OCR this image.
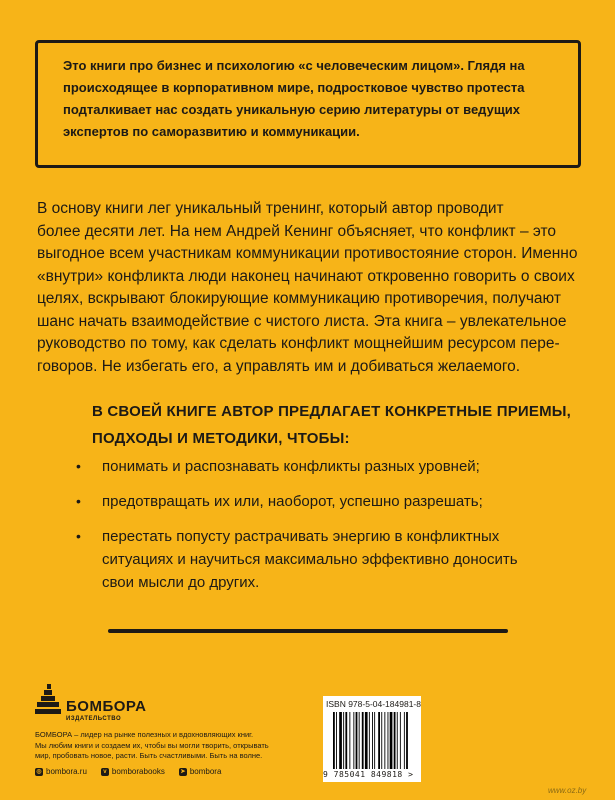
Это книги про бизнес и психологию «с человеческим лицом». Глядя на
происходящее в корпоративном мире, подростковое чувство протеста
подталкивает нас создать уникальную серию литературы от ведущих
экспертов по саморазвитию и коммуникации.
В основу книги лег уникальный тренинг, который автор проводит
более десяти лет. На нем Андрей Кенинг объясняет, что конфликт – это
выгодное всем участникам коммуникации противостояние сторон. Именно
«внутри» конфликта люди наконец начинают откровенно говорить о своих
целях, вскрывают блокирующие коммуникацию противоречия, получают
шанс начать взаимодействие с чистого листа. Эта книга – увлекательное
руководство по тому, как сделать конфликт мощнейшим ресурсом пере-
говоров. Не избегать его, а управлять им и добиваться желаемого.
В СВОЕЙ КНИГЕ АВТОР ПРЕДЛАГАЕТ КОНКРЕТНЫЕ ПРИЕМЫ,
ПОДХОДЫ И МЕТОДИКИ, ЧТОБЫ:
•	понимать и распознавать конфликты разных уровней;
•	предотвращать их или, наоборот, успешно разрешать;
•	перестать попусту растрачивать энергию в конфликтных
ситуациях и научиться максимально эффективно доносить
свои мысли до других.
БОМБОРА
ИЗДАТЕЛЬСТВО
БОМБОРА – лидер на рынке полезных и вдохновляющих книг.
Мы любим книги и создаем их, чтобы вы могли творить, открывать
мир, пробовать новое, расти. Быть счастливыми. Быть на волне.
◎ bombora.ru	v bomborabooks	➤ bombora
ISBN 978-5-04-184981-8
9 785041 849818 >
www.oz.by
